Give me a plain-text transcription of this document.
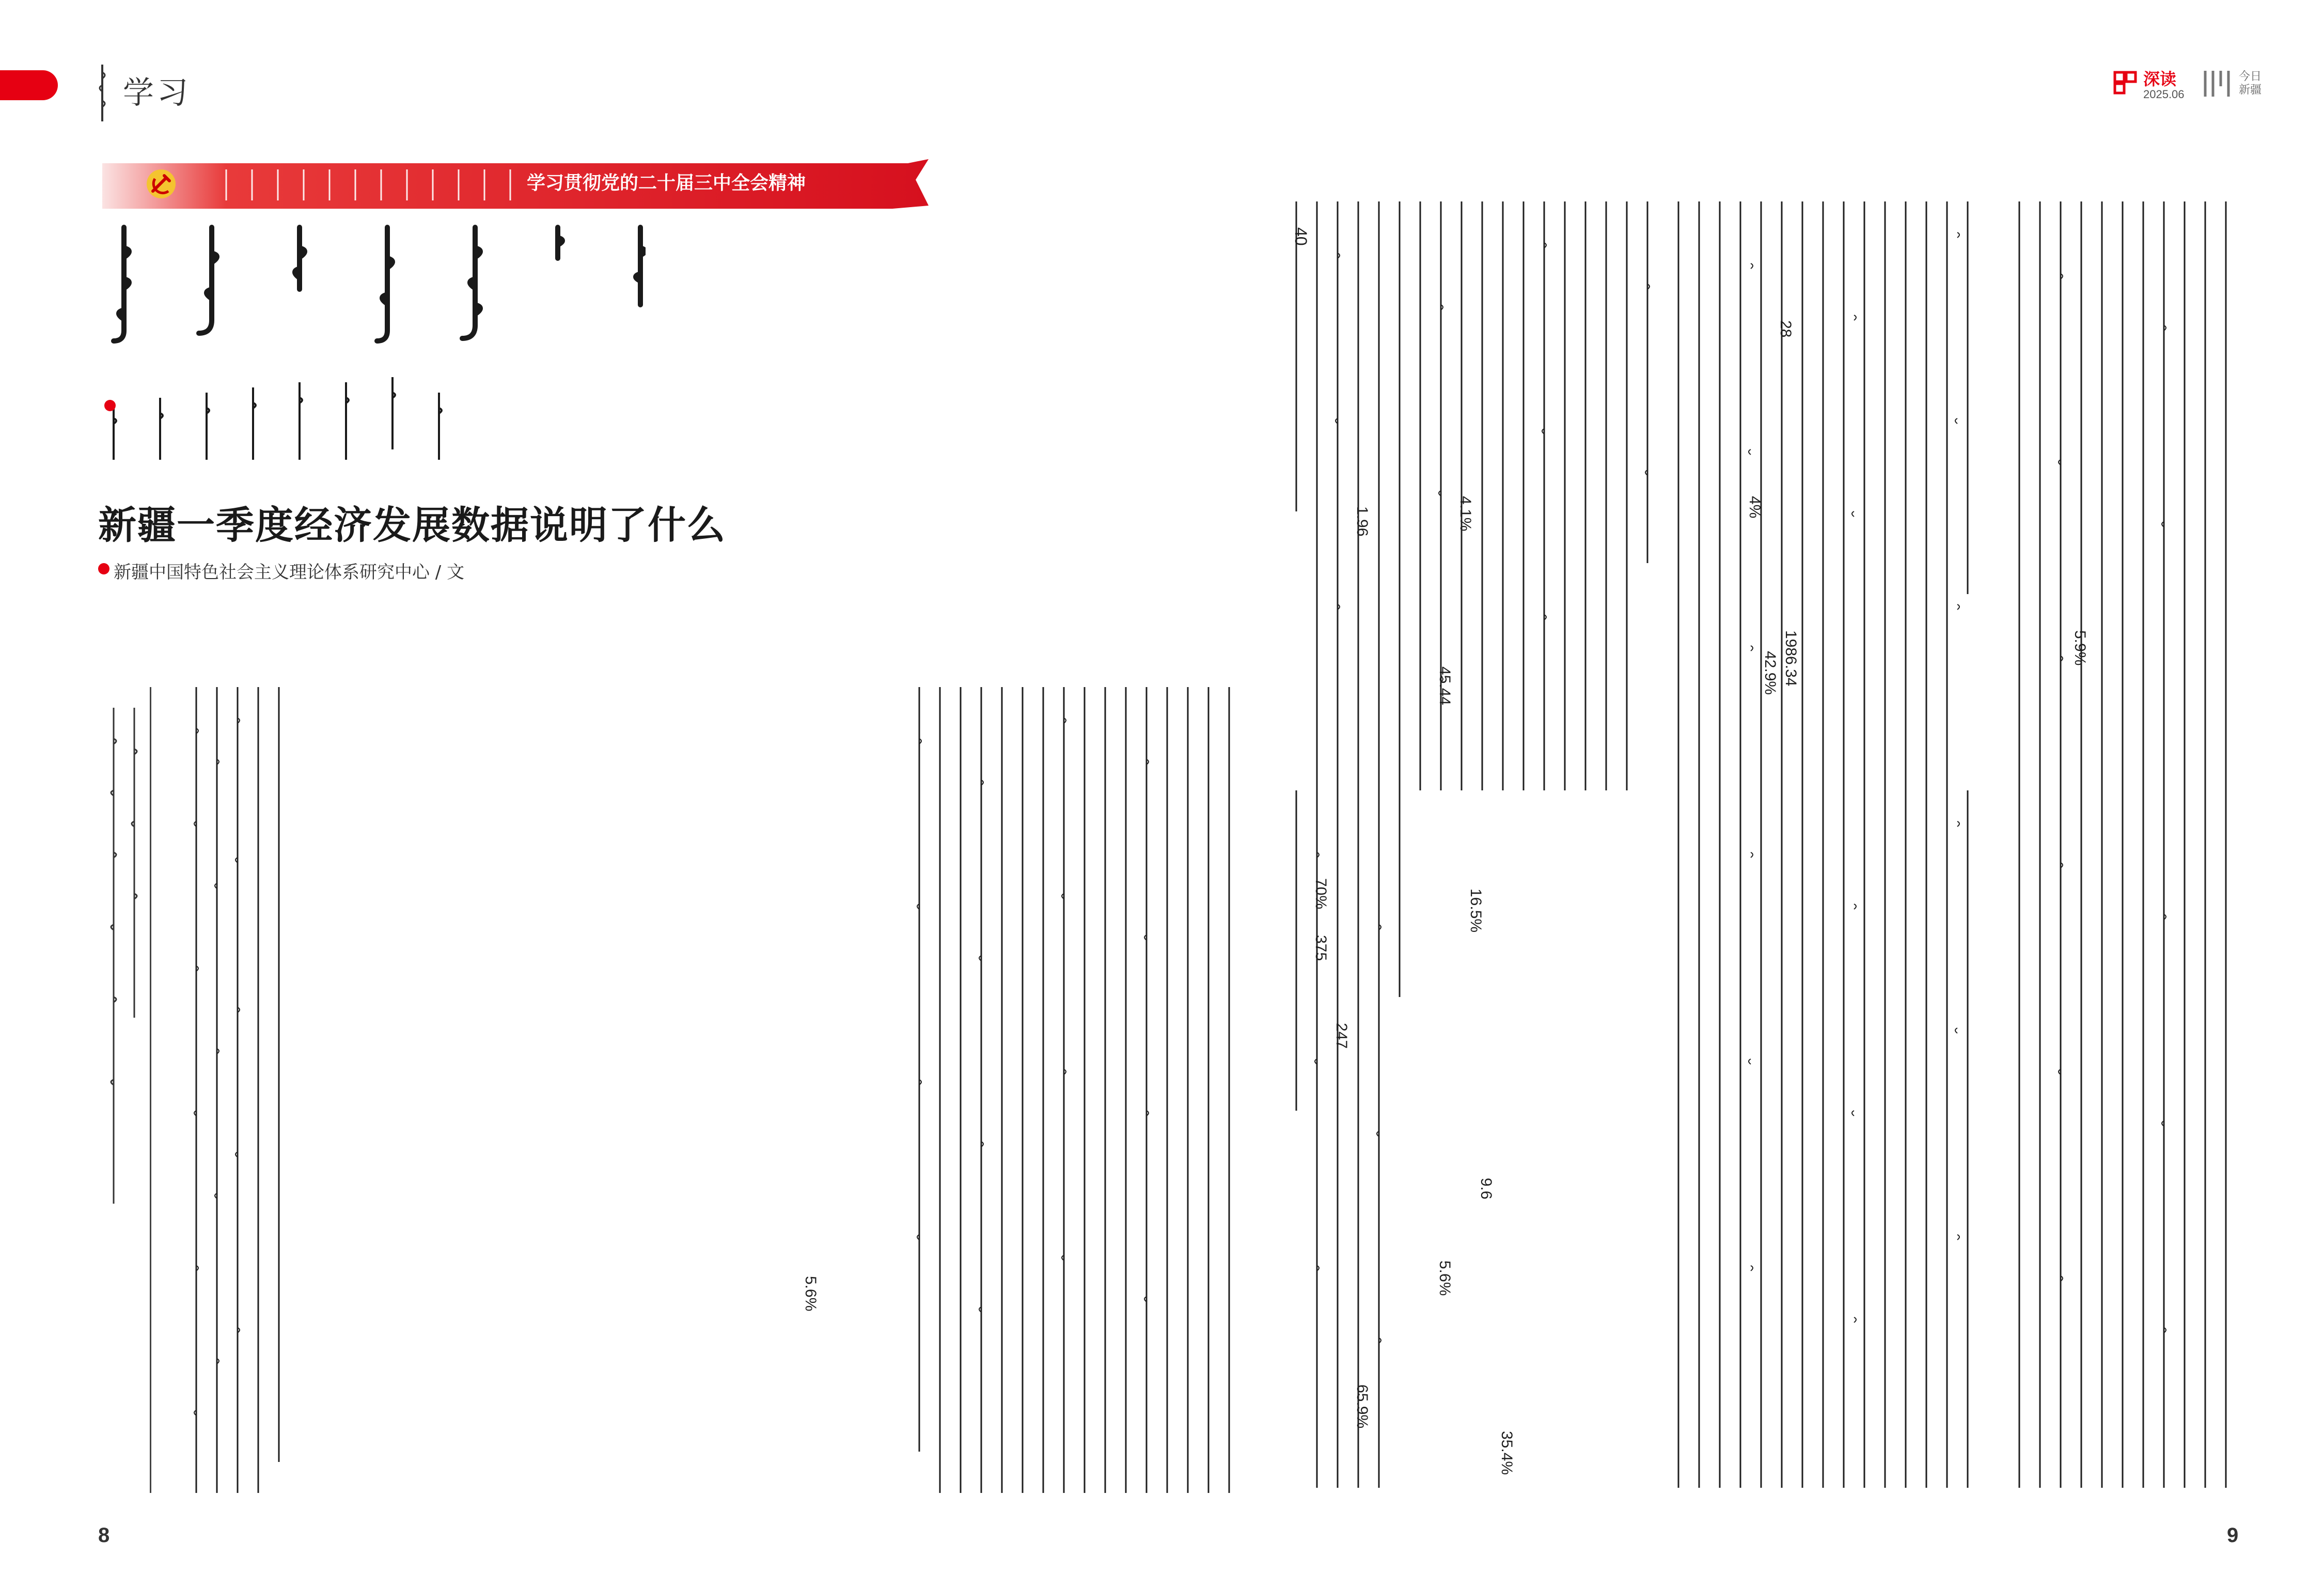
学习
学习贯彻党的二十届三中全会精神
新疆一季度经济发展数据说明了什么
新疆中国特色社会主义理论体系研究中心 / 文
5.6%
8
深读
2025.06
今日新疆
40
4.1%
45.44
1.96	4%
42.9% 1986.34
28
5.9%
70%
375
247
65.9%
16.5%
5.6%
9.6
35.4%
9
